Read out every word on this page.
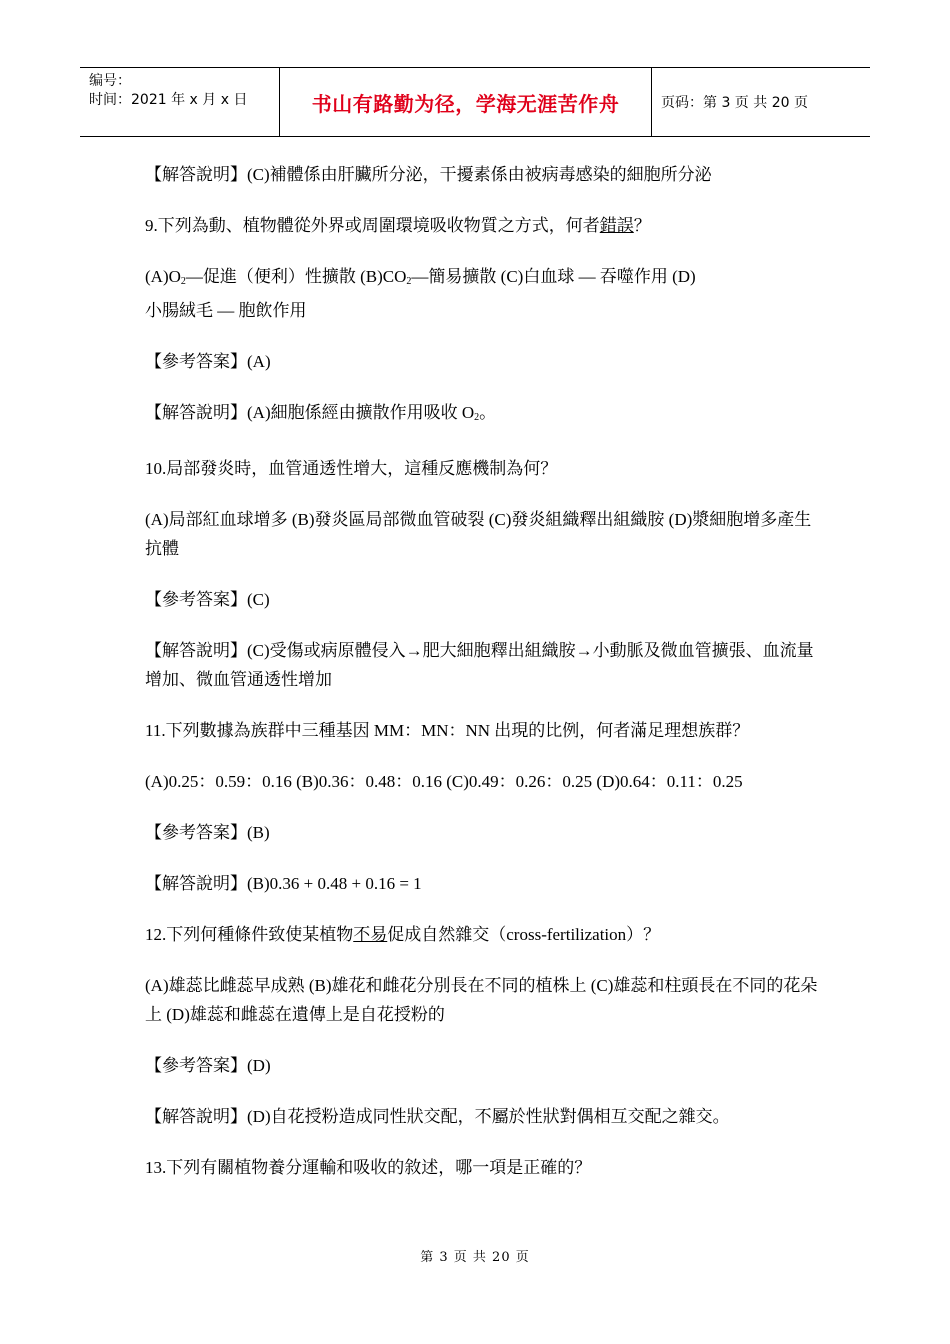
编号：
时间：2021 年 x 月 x 日	书山有路勤为径，学海无涯苦作舟	页码：第 3 页 共 20 页

【解答說明】(C)補體係由肝臟所分泌，干擾素係由被病毒感染的細胞所分泌

9.下列為動、植物體從外界或周圍環境吸收物質之方式，何者錯誤？

$(A)O_2—$促進（便利）性擴散 $(B)CO_2—$簡易擴散 (C)白血球 — 吞噬作用 (D)
小腸絨毛 — 胞飲作用

【參考答案】(A)

【解答說明】(A)細胞係經由擴散作用吸收 $O_2$。

10.局部發炎時，血管通透性增大，這種反應機制為何？

(A)局部紅血球增多 (B)發炎區局部微血管破裂 (C)發炎組織釋出組織胺 (D)漿細胞增多產生抗體

【參考答案】(C)

【解答說明】(C)受傷或病原體侵入→肥大細胞釋出組織胺→小動脈及微血管擴張、血流量增加、微血管通透性增加

11.下列數據為族群中三種基因 MM：MN：NN 出現的比例，何者滿足理想族群？

(A)0.25：0.59：0.16 (B)0.36：0.48：0.16 (C)0.49：0.26：0.25 (D)0.64：0.11：0.25

【參考答案】(B)

【解答說明】(B)0.36 + 0.48 + 0.16 = 1

12.下列何種條件致使某植物不易促成自然雜交（cross-fertilization）？

(A)雄蕊比雌蕊早成熟 (B)雄花和雌花分別長在不同的植株上 (C)雄蕊和柱頭長在不同的花朵上 (D)雄蕊和雌蕊在遺傳上是自花授粉的

【參考答案】(D)

【解答說明】(D)自花授粉造成同性狀交配，不屬於性狀對偶相互交配之雜交。

13.下列有關植物養分運輸和吸收的敘述，哪一項是正確的？

第 3 页 共 20 页
